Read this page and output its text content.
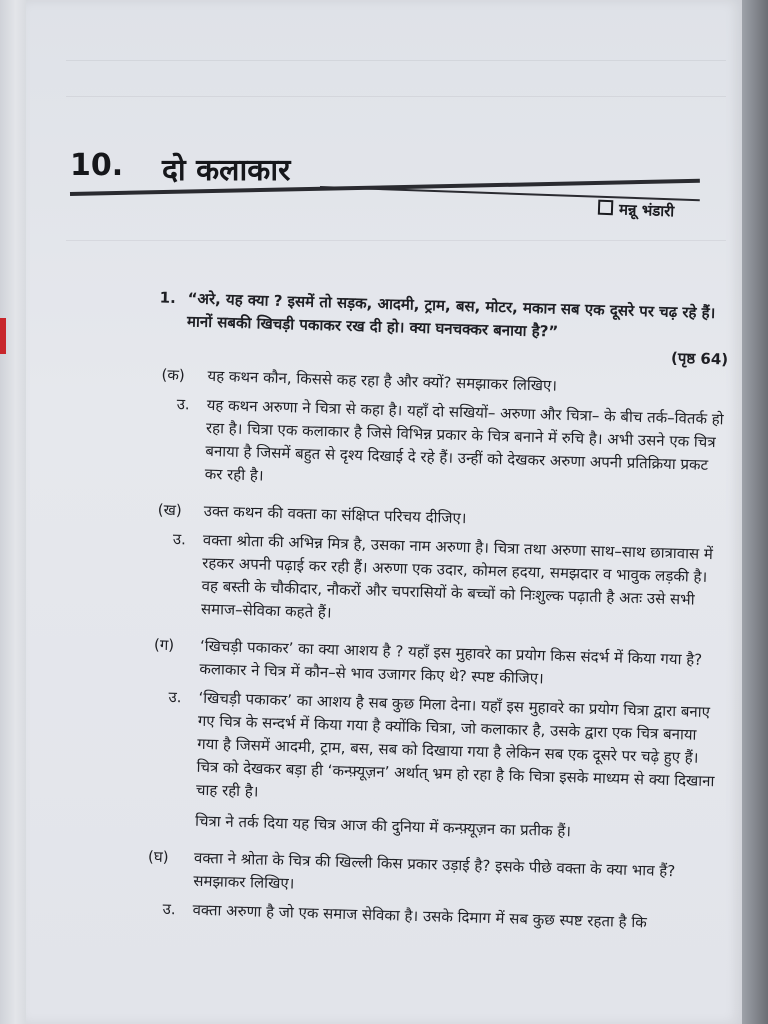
10. दो कलाकार
मन्नू भंडारी
1. “अरे, यह क्या ? इसमें तो सड़क, आदमी, ट्राम, बस, मोटर, मकान सब एक दूसरे पर चढ़ रहे हैं। मानों सबकी खिचड़ी पकाकर रख दी हो। क्या घनचक्कर बनाया है?”
(पृष्ठ 64)
(क) यह कथन कौन, किससे कह रहा है और क्यों? समझाकर लिखिए।
उ. यह कथन अरुणा ने चित्रा से कहा है। यहाँ दो सखियों– अरुणा और चित्रा– के बीच तर्क–वितर्क हो रहा है। चित्रा एक कलाकार है जिसे विभिन्न प्रकार के चित्र बनाने में रुचि है। अभी उसने एक चित्र बनाया है जिसमें बहुत से दृश्य दिखाई दे रहे हैं। उन्हीं को देखकर अरुणा अपनी प्रतिक्रिया प्रकट कर रही है।
(ख) उक्त कथन की वक्ता का संक्षिप्त परिचय दीजिए।
उ. वक्ता श्रोता की अभिन्न मित्र है, उसका नाम अरुणा है। चित्रा तथा अरुणा साथ–साथ छात्रावास में रहकर अपनी पढ़ाई कर रही हैं। अरुणा एक उदार, कोमल हदया, समझदार व भावुक लड़की है। वह बस्ती के चौकीदार, नौकरों और चपरासियों के बच्चों को निःशुल्क पढ़ाती है अतः उसे सभी समाज–सेविका कहते हैं।
(ग) ‘खिचड़ी पकाकर’ का क्या आशय है ? यहाँ इस मुहावरे का प्रयोग किस संदर्भ में किया गया है? कलाकार ने चित्र में कौन–से भाव उजागर किए थे? स्पष्ट कीजिए।
उ. ‘खिचड़ी पकाकर’ का आशय है सब कुछ मिला देना। यहाँ इस मुहावरे का प्रयोग चित्रा द्वारा बनाए गए चित्र के सन्दर्भ में किया गया है क्योंकि चित्रा, जो कलाकार है, उसके द्वारा एक चित्र बनाया गया है जिसमें आदमी, ट्राम, बस, सब को दिखाया गया है लेकिन सब एक दूसरे पर चढ़े हुए हैं। चित्र को देखकर बड़ा ही ‘कन्फ़्यूज़न’ अर्थात् भ्रम हो रहा है कि चित्रा इसके माध्यम से क्या दिखाना चाह रही है।
चित्रा ने तर्क दिया यह चित्र आज की दुनिया में कन्फ़्यूज़न का प्रतीक हैं।
(घ) वक्ता ने श्रोता के चित्र की खिल्ली किस प्रकार उड़ाई है? इसके पीछे वक्ता के क्या भाव हैं? समझाकर लिखिए।
उ. वक्ता अरुणा है जो एक समाज सेविका है। उसके दिमाग में सब कुछ स्पष्ट रहता है कि
